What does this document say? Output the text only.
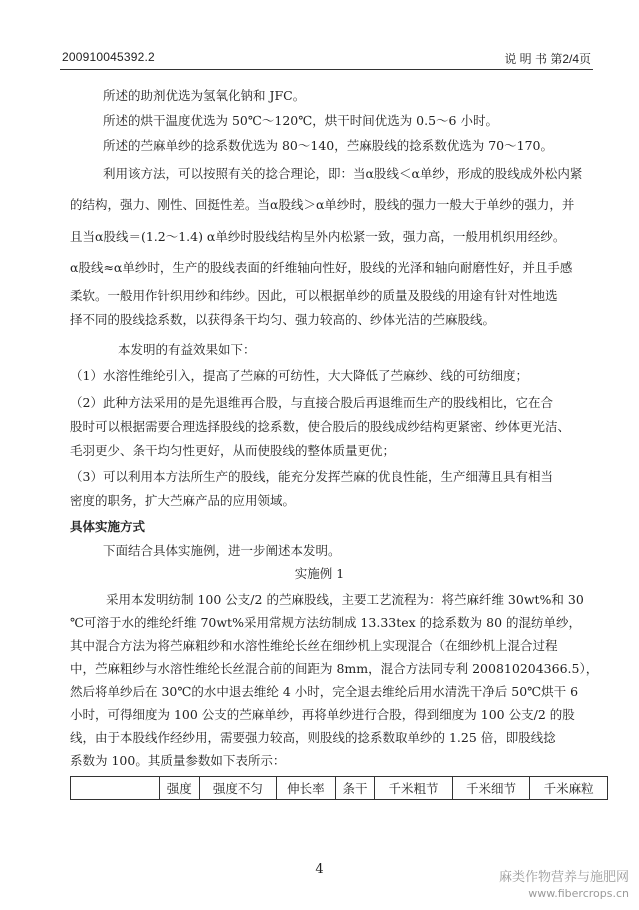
200910045392.2	说 明 书 第2/4页
所述的助剂优选为氢氧化钠和 JFC。
所述的烘干温度优选为 50℃～120℃，烘干时间优选为 0.5～6 小时。
所述的苎麻单纱的捻系数优选为 80～140，苎麻股线的捻系数优选为 70～170。
利用该方法，可以按照有关的捻合理论，即：当α股线＜α单纱，形成的股线成外松内紧
的结构，强力、刚性、回挺性差。当α股线＞α单纱时，股线的强力一般大于单纱的强力，并
且当α股线＝(1.2～1.4) α单纱时股线结构呈外内松紧一致，强力高，一般用机织用经纱。
α股线≈α单纱时，生产的股线表面的纤维轴向性好，股线的光泽和轴向耐磨性好，并且手感
柔软。一般用作针织用纱和纬纱。因此，可以根据单纱的质量及股线的用途有针对性地选
择不同的股线捻系数，以获得条干均匀、强力较高的、纱体光洁的苎麻股线。
本发明的有益效果如下：
（1）水溶性维纶引入，提高了苎麻的可纺性，大大降低了苎麻纱、线的可纺细度；
（2）此种方法采用的是先退维再合股，与直接合股后再退维而生产的股线相比，它在合
股时可以根据需要合理选择股线的捻系数，使合股后的股线成纱结构更紧密、纱体更光洁、
毛羽更少、条干均匀性更好，从而使股线的整体质量更优；
（3）可以利用本方法所生产的股线，能充分发挥苎麻的优良性能，生产细薄且具有相当
密度的职务，扩大苎麻产品的应用领域。
具体实施方式
下面结合具体实施例，进一步阐述本发明。
实施例 1
采用本发明纺制 100 公支/2 的苎麻股线，主要工艺流程为：将苎麻纤维 30wt%和 30
℃可溶于水的维纶纤维 70wt%采用常规方法纺制成 13.33tex 的捻系数为 80 的混纺单纱，
其中混合方法为将苎麻粗纱和水溶性维纶长丝在细纱机上实现混合（在细纱机上混合过程
中，苎麻粗纱与水溶性维纶长丝混合前的间距为 8mm，混合方法同专利 200810204366.5），
然后将单纱后在 30℃的水中退去维纶 4 小时，完全退去维纶后用水清洗干净后 50℃烘干 6
小时，可得细度为 100 公支的苎麻单纱，再将单纱进行合股，得到细度为 100 公支/2 的股
线，由于本股线作经纱用，需要强力较高，则股线的捻系数取单纱的 1.25 倍，即股线捻
系数为 100。其质量参数如下表所示：
	强度	强度不匀	伸长率	条干	千米粗节	千米细节	千米麻粒
4
麻类作物营养与施肥网
www.fibercrops.cn
